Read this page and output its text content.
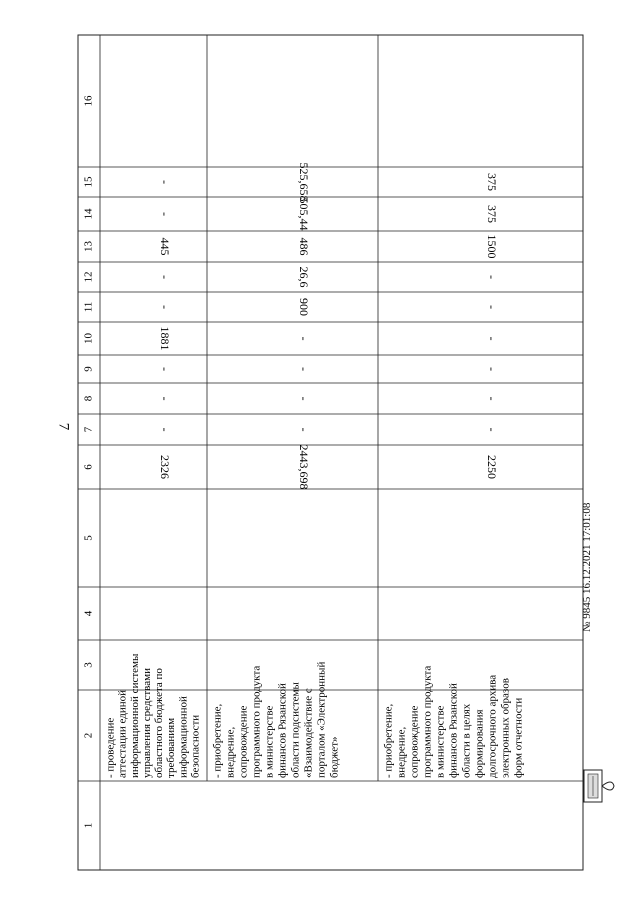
7
1
2
3
4
5
6
7
8
9
10
11
12
13
14
15
16
2326
-
-
-
1881
-
-
445
-
-
2443,698
-
-
-
-
900
26,6
486
505,44
525,658
2250
-
-
-
-
-
-
1500
375
375
- проведение аттестации единой информационной системы управления средствами областного бюджета по требованиям информационной безопасности - приобретение, внедрение, сопровождение программного продукта в министерстве финансов Рязанской области подсистемы «Взаимодействие с порталом «Электронный бюджет»	- приобретение, внедрение, сопровождение программного продукта в министерстве финансов Рязанской области в целях формирования долгосрочного архива электронных образов форм отчетности
№ 9845 16.12.2021 17:01:08
